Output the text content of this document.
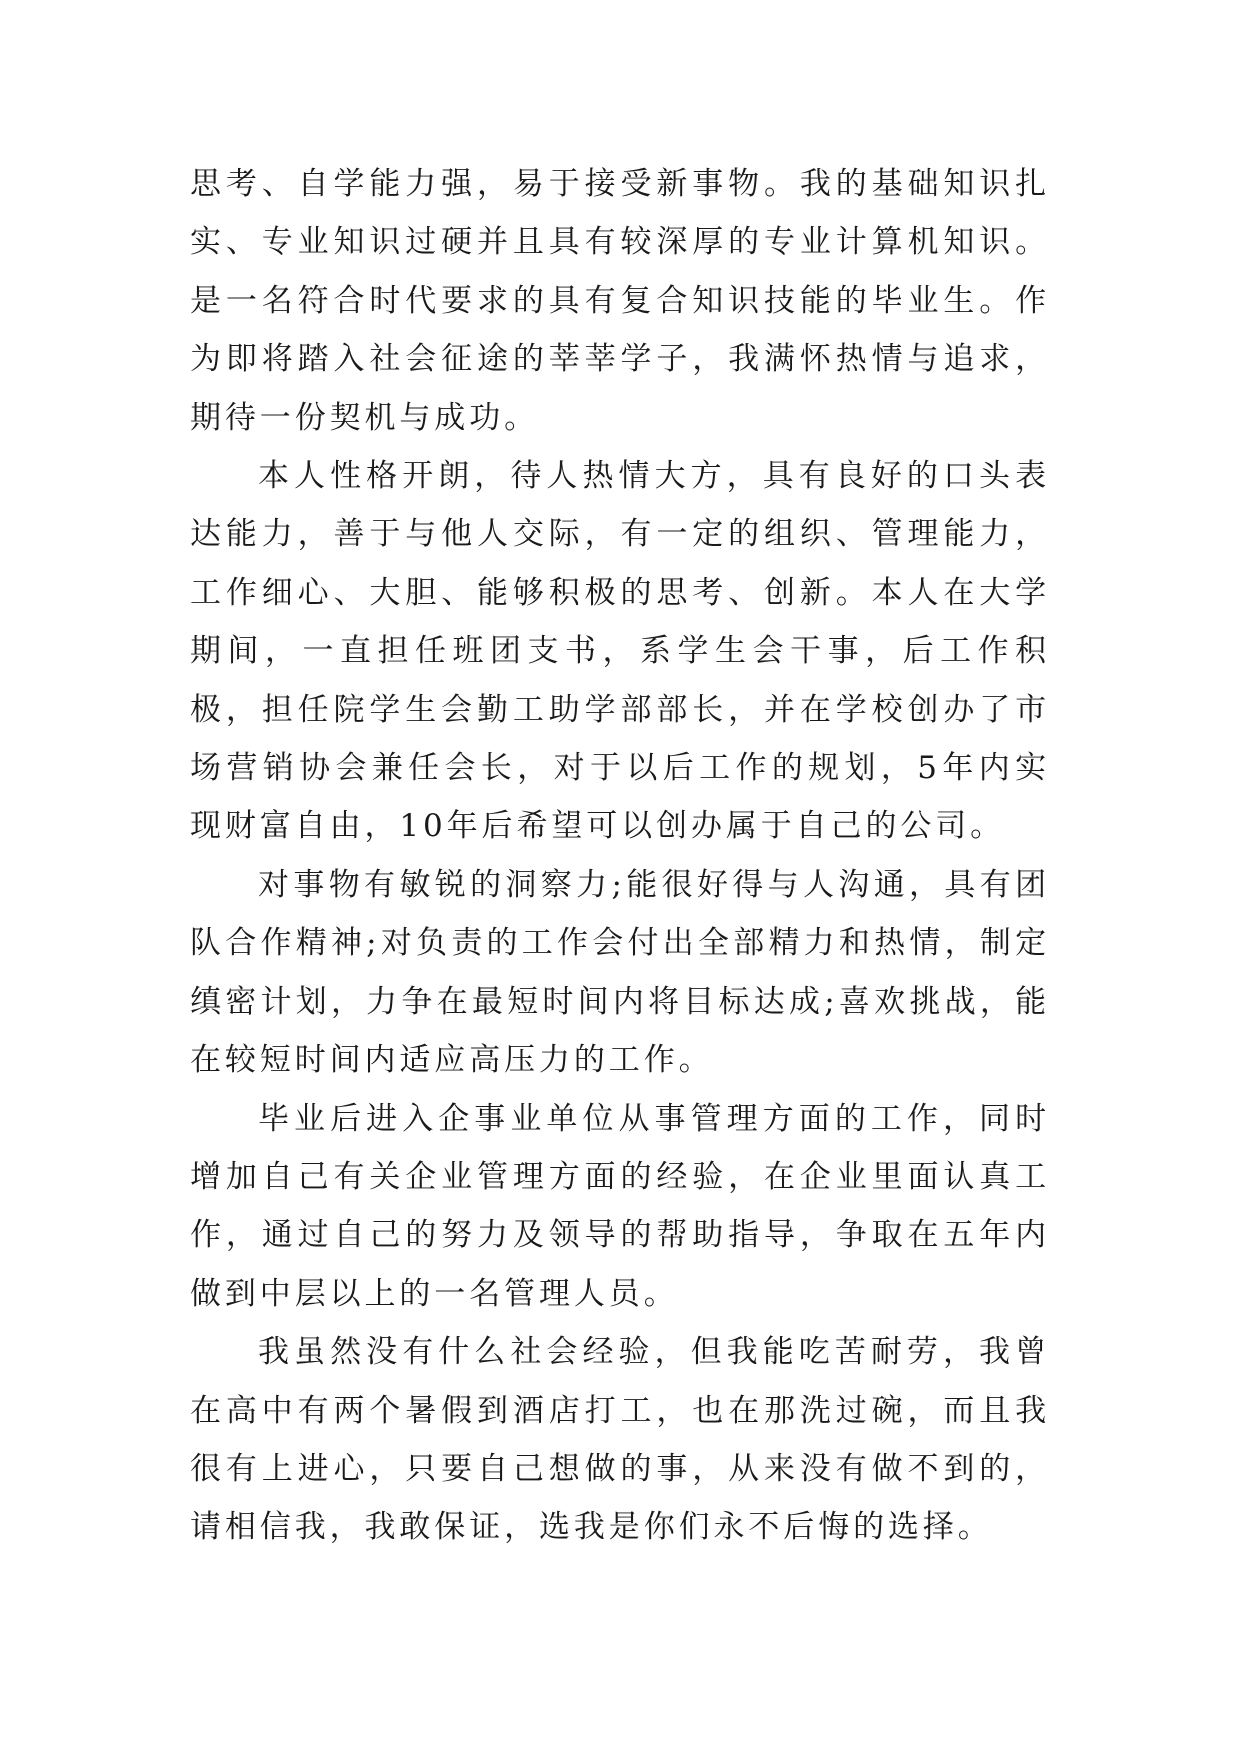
思考、自学能力强，易于接受新事物。我的基础知识扎实、专业知识过硬并且具有较深厚的专业计算机知识。是一名符合时代要求的具有复合知识技能的毕业生。作为即将踏入社会征途的莘莘学子，我满怀热情与追求，期待一份契机与成功。

本人性格开朗，待人热情大方，具有良好的口头表达能力，善于与他人交际，有一定的组织、管理能力，工作细心、大胆、能够积极的思考、创新。本人在大学期间，一直担任班团支书，系学生会干事，后工作积极，担任院学生会勤工助学部部长，并在学校创办了市场营销协会兼任会长，对于以后工作的规划，5年内实现财富自由，10年后希望可以创办属于自己的公司。

对事物有敏锐的洞察力;能很好得与人沟通，具有团队合作精神;对负责的工作会付出全部精力和热情，制定缜密计划，力争在最短时间内将目标达成;喜欢挑战，能在较短时间内适应高压力的工作。

毕业后进入企事业单位从事管理方面的工作，同时增加自己有关企业管理方面的经验，在企业里面认真工作，通过自己的努力及领导的帮助指导，争取在五年内做到中层以上的一名管理人员。

我虽然没有什么社会经验，但我能吃苦耐劳，我曾在高中有两个暑假到酒店打工，也在那洗过碗，而且我很有上进心，只要自己想做的事，从来没有做不到的，请相信我，我敢保证，选我是你们永不后悔的选择。
